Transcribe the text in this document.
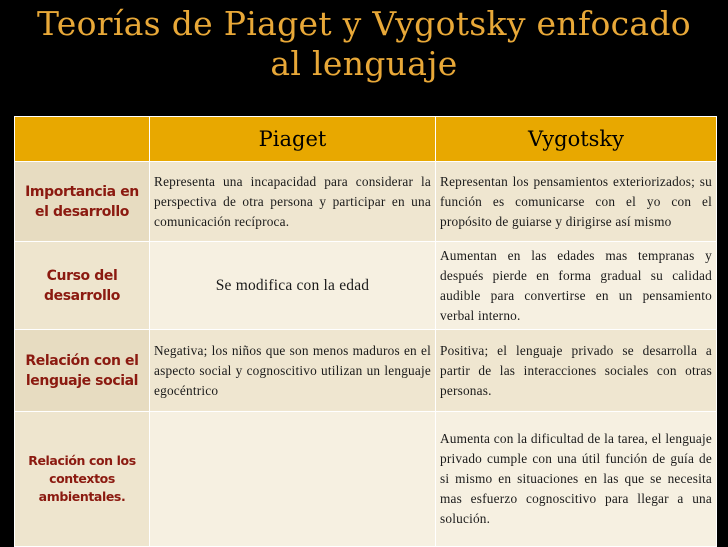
Teorías de Piaget y Vygotsky enfocado
al lenguaje
	Piaget	Vygotsky
Importancia en el desarrollo	Representa una incapacidad para considerar la perspectiva de otra persona y participar en una comunicación recíproca.	Representan los pensamientos exteriorizados; su función es comunicarse con el yo con el propósito de guiarse y dirigirse así mismo
Curso del desarrollo	Se modifica con la edad	Aumentan en las edades mas tempranas y después pierde en forma gradual su calidad audible para convertirse en un pensamiento verbal interno.
Relación con el lenguaje social	Negativa; los niños que son menos maduros en el aspecto social y cognoscitivo utilizan un lenguaje egocéntrico	Positiva; el lenguaje privado se desarrolla a partir de las interacciones sociales con otras personas.
Relación con los contextos ambientales.		Aumenta con la dificultad de la tarea, el lenguaje privado cumple con una útil función de guía de si mismo en situaciones en las que se necesita mas esfuerzo cognoscitivo para llegar a una solución.
